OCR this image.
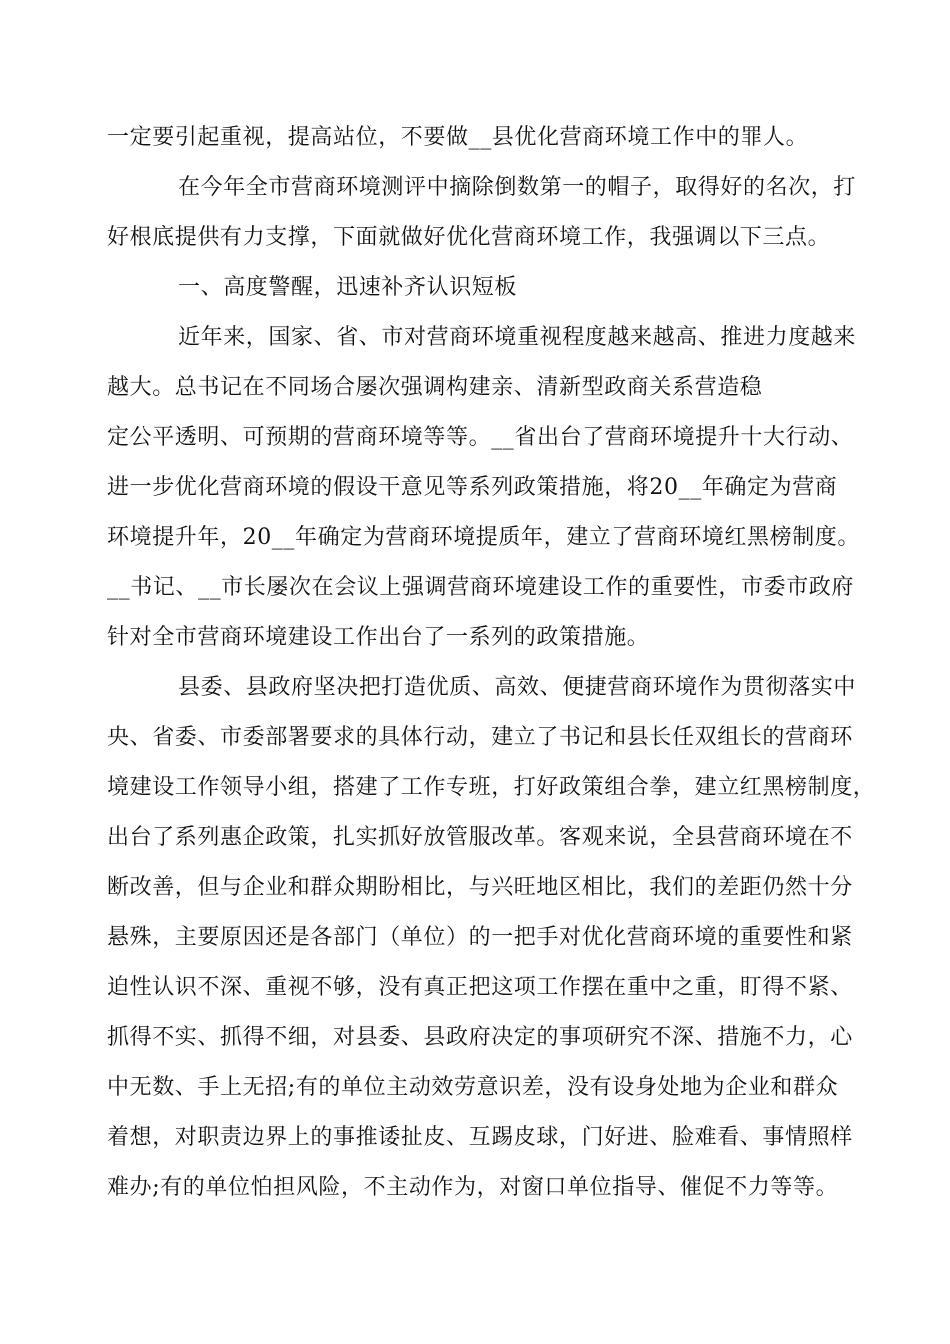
一定要引起重视，提高站位，不要做__县优化营商环境工作中的罪人。
在今年全市营商环境测评中摘除倒数第一的帽子，取得好的名次，打
好根底提供有力支撑，下面就做好优化营商环境工作，我强调以下三点。
一、高度警醒，迅速补齐认识短板
近年来，国家、省、市对营商环境重视程度越来越高、推进力度越来
越大。总书记在不同场合屡次强调构建亲、清新型政商关系营造稳
定公平透明、可预期的营商环境等等。__省出台了营商环境提升十大行动、
进一步优化营商环境的假设干意见等系列政策措施，将20__年确定为营商
环境提升年，20__年确定为营商环境提质年，建立了营商环境红黑榜制度。
__书记、__市长屡次在会议上强调营商环境建设工作的重要性，市委市政府
针对全市营商环境建设工作出台了一系列的政策措施。
县委、县政府坚决把打造优质、高效、便捷营商环境作为贯彻落实中
央、省委、市委部署要求的具体行动，建立了书记和县长任双组长的营商环
境建设工作领导小组，搭建了工作专班，打好政策组合拳，建立红黑榜制度，
出台了系列惠企政策，扎实抓好放管服改革。客观来说，全县营商环境在不
断改善，但与企业和群众期盼相比，与兴旺地区相比，我们的差距仍然十分
悬殊，主要原因还是各部门（单位）的一把手对优化营商环境的重要性和紧
迫性认识不深、重视不够，没有真正把这项工作摆在重中之重，盯得不紧、
抓得不实、抓得不细，对县委、县政府决定的事项研究不深、措施不力，心
中无数、手上无招;有的单位主动效劳意识差，没有设身处地为企业和群众
着想，对职责边界上的事推诿扯皮、互踢皮球，门好进、脸难看、事情照样
难办;有的单位怕担风险，不主动作为，对窗口单位指导、催促不力等等。
